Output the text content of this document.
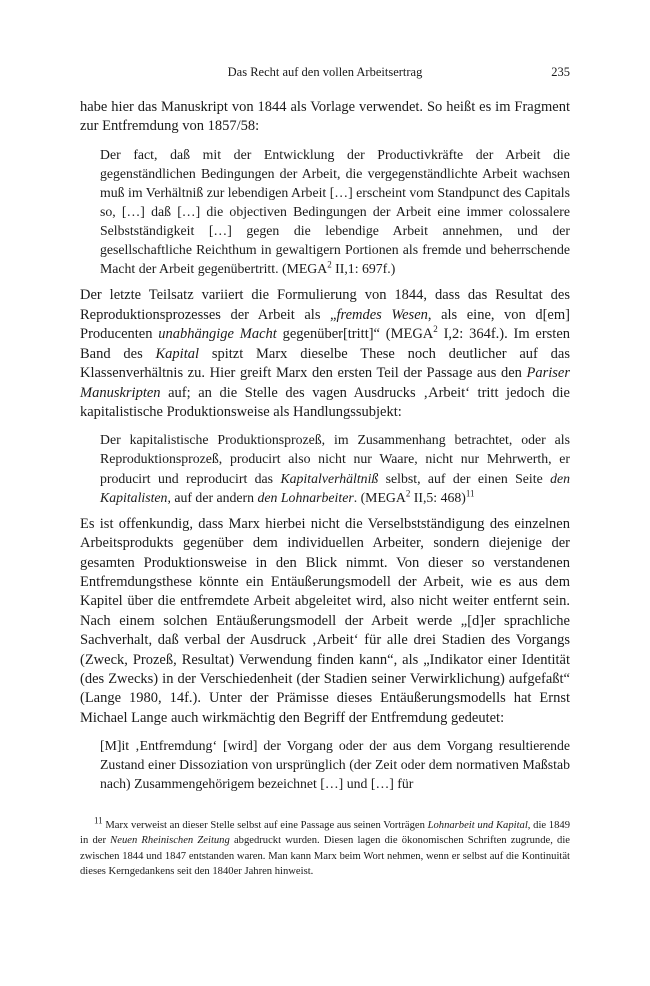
Das Recht auf den vollen Arbeitsertrag	235

habe hier das Manuskript von 1844 als Vorlage verwendet. So heißt es im Fragment zur Entfremdung von 1857/58:

Der fact, daß mit der Entwicklung der Productivkräfte der Arbeit die gegenständlichen Bedingungen der Arbeit, die vergegenständlichte Arbeit wachsen muß im Verhältniß zur lebendigen Arbeit […] erscheint vom Standpunct des Capitals so, […] daß […] die objectiven Bedingungen der Arbeit eine immer colossalere Selbstständigkeit […] gegen die lebendige Arbeit annehmen, und der gesellschaftliche Reichthum in gewaltigern Portionen als fremde und beherrschende Macht der Arbeit gegenübertritt. (MEGA$^2$ II,1: 697f.)

Der letzte Teilsatz variiert die Formulierung von 1844, dass das Resultat des Reproduktionsprozesses der Arbeit als „fremdes Wesen, als eine, von d[em] Producenten unabhängige Macht gegenüber[tritt]“ (MEGA$^2$ I,2: 364f.). Im ersten Band des Kapital spitzt Marx dieselbe These noch deutlicher auf das Klassenverhältnis zu. Hier greift Marx den ersten Teil der Passage aus den Pariser Manuskripten auf; an die Stelle des vagen Ausdrucks ‚Arbeit‘ tritt jedoch die kapitalistische Produktionsweise als Handlungssubjekt:

Der kapitalistische Produktionsprozeß, im Zusammenhang betrachtet, oder als Reproduktionsprozeß, producirt also nicht nur Waare, nicht nur Mehrwerth, er producirt und reproducirt das Kapitalverhältniß selbst, auf der einen Seite den Kapitalisten, auf der andern den Lohnarbeiter. (MEGA$^2$ II,5: 468)$^{11}$

Es ist offenkundig, dass Marx hierbei nicht die Verselbstständigung des einzelnen Arbeitsprodukts gegenüber dem individuellen Arbeiter, sondern diejenige der gesamten Produktionsweise in den Blick nimmt. Von dieser so verstandenen Entfremdungsthese könnte ein Entäußerungsmodell der Arbeit, wie es aus dem Kapitel über die entfremdete Arbeit abgeleitet wird, also nicht weiter entfernt sein. Nach einem solchen Entäußerungsmodell der Arbeit werde „[d]er sprachliche Sachverhalt, daß verbal der Ausdruck ‚Arbeit‘ für alle drei Stadien des Vorgangs (Zweck, Prozeß, Resultat) Verwendung finden kann“, als „Indikator einer Identität (des Zwecks) in der Verschiedenheit (der Stadien seiner Verwirklichung) aufgefaßt“ (Lange 1980, 14f.). Unter der Prämisse dieses Entäußerungsmodells hat Ernst Michael Lange auch wirkmächtig den Begriff der Entfremdung gedeutet:

[M]it ‚Entfremdung‘ [wird] der Vorgang oder der aus dem Vorgang resultierende Zustand einer Dissoziation von ursprünglich (der Zeit oder dem normativen Maßstab nach) Zusammengehörigem bezeichnet […] und […] für

$^{11}$ Marx verweist an dieser Stelle selbst auf eine Passage aus seinen Vorträgen Lohnarbeit und Kapital, die 1849 in der Neuen Rheinischen Zeitung abgedruckt wurden. Diesen lagen die ökonomischen Schriften zugrunde, die zwischen 1844 und 1847 entstanden waren. Man kann Marx beim Wort nehmen, wenn er selbst auf die Kontinuität dieses Kerngedankens seit den 1840er Jahren hinweist.
